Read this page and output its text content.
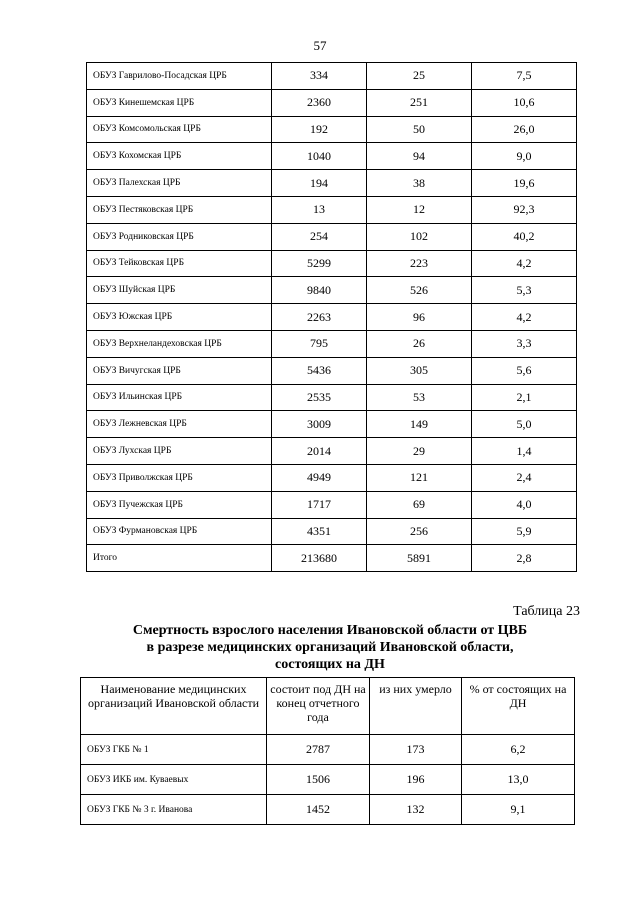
57
ОБУЗ Гаврилово-Посадская ЦРБ	334	25	7,5
ОБУЗ Кинешемская ЦРБ	2360	251	10,6
ОБУЗ Комсомольская ЦРБ	192	50	26,0
ОБУЗ Кохомская ЦРБ	1040	94	9,0
ОБУЗ Палехская ЦРБ	194	38	19,6
ОБУЗ Пестяковская ЦРБ	13	12	92,3
ОБУЗ Родниковская ЦРБ	254	102	40,2
ОБУЗ Тейковская ЦРБ	5299	223	4,2
ОБУЗ Шуйская ЦРБ	9840	526	5,3
ОБУЗ Южская ЦРБ	2263	96	4,2
ОБУЗ Верхнеландеховская ЦРБ	795	26	3,3
ОБУЗ Вичугская ЦРБ	5436	305	5,6
ОБУЗ Ильинская ЦРБ	2535	53	2,1
ОБУЗ Лежневская ЦРБ	3009	149	5,0
ОБУЗ Лухская ЦРБ	2014	29	1,4
ОБУЗ Приволжская ЦРБ	4949	121	2,4
ОБУЗ Пучежская ЦРБ	1717	69	4,0
ОБУЗ Фурмановская ЦРБ	4351	256	5,9
Итого	213680	5891	2,8
Таблица 23
Смертность взрослого населения Ивановской области от ЦВБ
в разрезе медицинских организаций Ивановской области,
состоящих на ДН
Наименование медицинских организаций Ивановской области	состоит под ДН на конец отчетного года	из них умерло	% от состоящих на ДН
ОБУЗ ГКБ № 1	2787	173	6,2
ОБУЗ ИКБ им. Куваевых	1506	196	13,0
ОБУЗ ГКБ № 3 г. Иванова	1452	132	9,1
